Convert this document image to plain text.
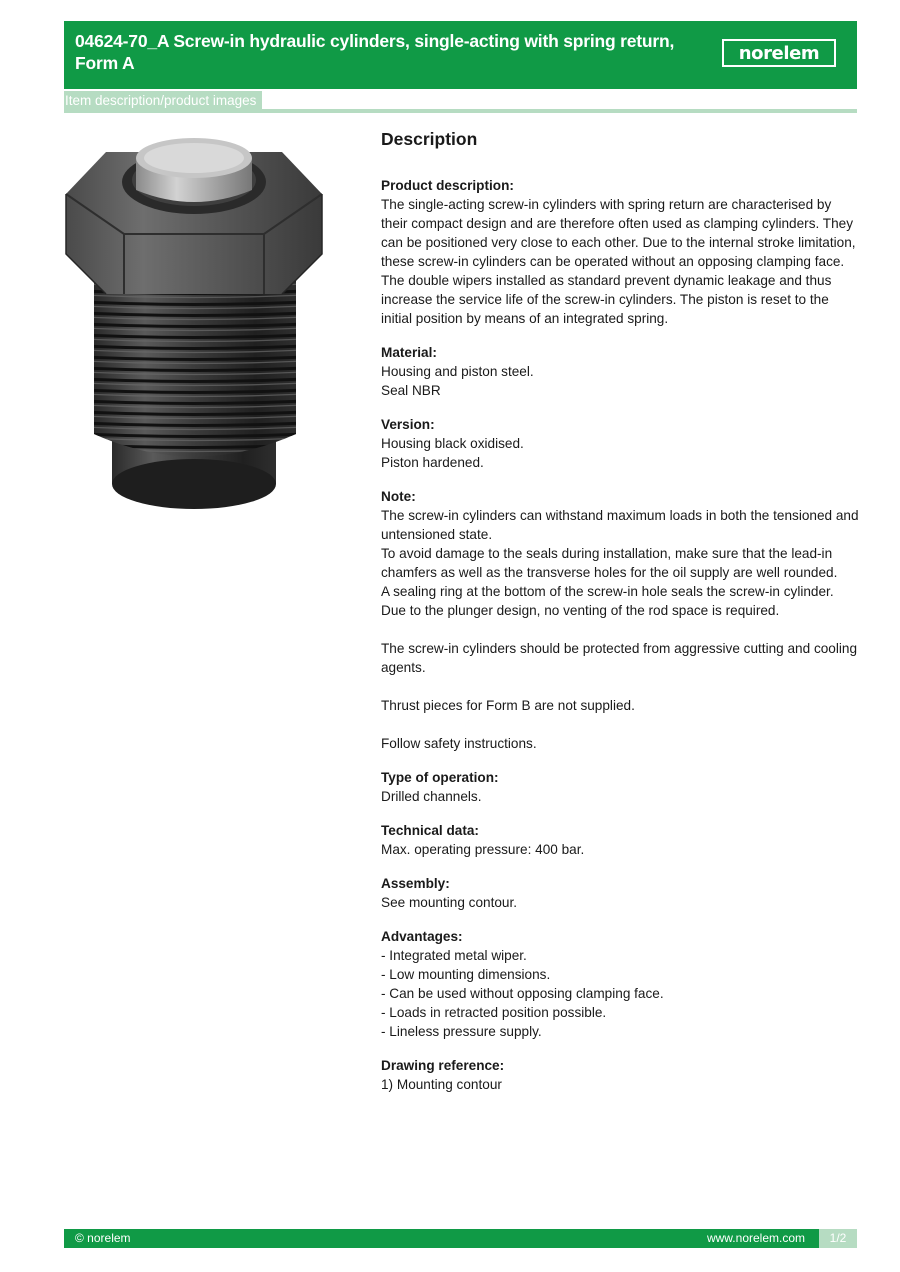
04624-70_A Screw-in hydraulic cylinders, single-acting with spring return, Form A	norelem
Item description/product images
Description
Product description:
The single-acting screw-in cylinders with spring return are characterised by their compact design and are therefore often used as clamping cylinders. They can be positioned very close to each other. Due to the internal stroke limitation, these screw-in cylinders can be operated without an opposing clamping face. The double wipers installed as standard prevent dynamic leakage and thus increase the service life of the screw-in cylinders. The piston is reset to the initial position by means of an integrated spring.
Material:
Housing and piston steel.
Seal NBR
Version:
Housing black oxidised.
Piston hardened.
Note:
The screw-in cylinders can withstand maximum loads in both the tensioned and untensioned state.
To avoid damage to the seals during installation, make sure that the lead-in chamfers as well as the transverse holes for the oil supply are well rounded.
A sealing ring at the bottom of the screw-in hole seals the screw-in cylinder.
Due to the plunger design, no venting of the rod space is required.
The screw-in cylinders should be protected from aggressive cutting and cooling agents.
Thrust pieces for Form B are not supplied.
Follow safety instructions.
Type of operation:
Drilled channels.
Technical data:
Max. operating pressure: 400 bar.
Assembly:
See mounting contour.
Advantages:
- Integrated metal wiper.
- Low mounting dimensions.
- Can be used without opposing clamping face.
- Loads in retracted position possible.
- Lineless pressure supply.
Drawing reference:
1) Mounting contour
© norelem	www.norelem.com	1/2
